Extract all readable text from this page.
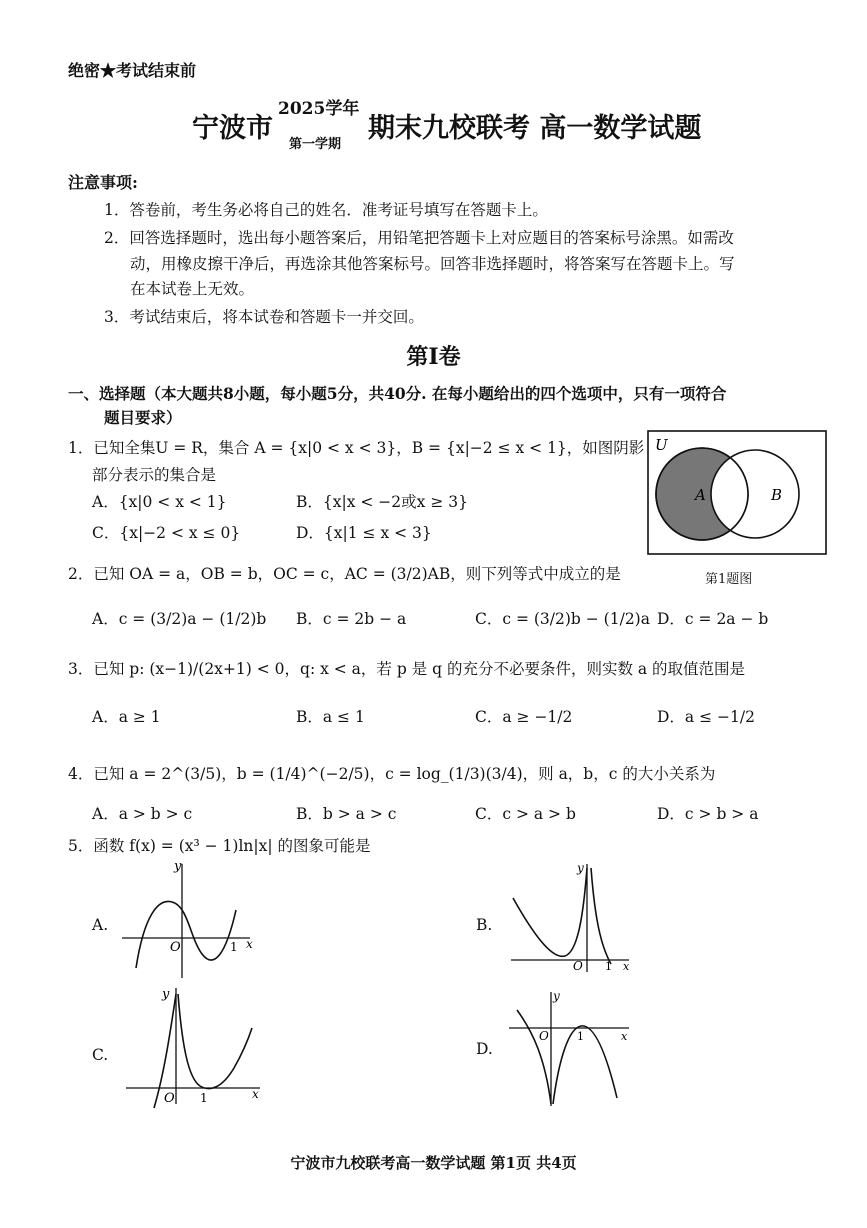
绝密★考试结束前
宁波市
2025学年
第一学期
期末九校联考 高一数学试题
注意事项:
1．答卷前，考生务必将自己的姓名．准考证号填写在答题卡上。
2．回答选择题时，选出每小题答案后，用铅笔把答题卡上对应题目的答案标号涂黑。如需改
动，用橡皮擦干净后，再选涂其他答案标号。回答非选择题时，将答案写在答题卡上。写
在本试卷上无效。
3．考试结束后，将本试卷和答题卡一并交回。
第Ⅰ卷
一、选择题（本大题共8小题，每小题5分，共40分. 在每小题给出的四个选项中，只有一项符合
题目要求）
1．已知全集U = R，集合 A = {x|0 < x < 3}，B = {x|−2 ≤ x < 1}，如图阴影
部分表示的集合是
A．{x|0 < x < 1}	B．{x|x < −2或x ≥ 3}
C．{x|−2 < x ≤ 0}	D．{x|1 ≤ x < 3}
U
A	B
第1题图
2．已知 OA = a，OB = b，OC = c，AC = (3/2)AB，则下列等式中成立的是
A．c = (3/2)a − (1/2)b B．c = 2b − a	C．c = (3/2)b − (1/2)a D．c = 2a − b
3．已知 p: (x−1)/(2x+1) < 0，q: x < a，若 p 是 q 的充分不必要条件，则实数 a 的取值范围是
A．a ≥ 1	B．a ≤ 1	C．a ≥ −1/2	D．a ≤ −1/2
4．已知 a = 2^(3/5)，b = (1/4)^(−2/5)，c = log_(1/3)(3/4)，则 a，b，c 的大小关系为
A．a > b > c	B．b > a > c	C．c > a > b	D．c > b > a
5．函数 f(x) = (x³ − 1)ln|x| 的图象可能是
A.
y
x
O	1
B.
y
x
O 1
C.
y
x
O 1
D.
y
x
O	1
宁波市九校联考高一数学试题 第1页 共4页
